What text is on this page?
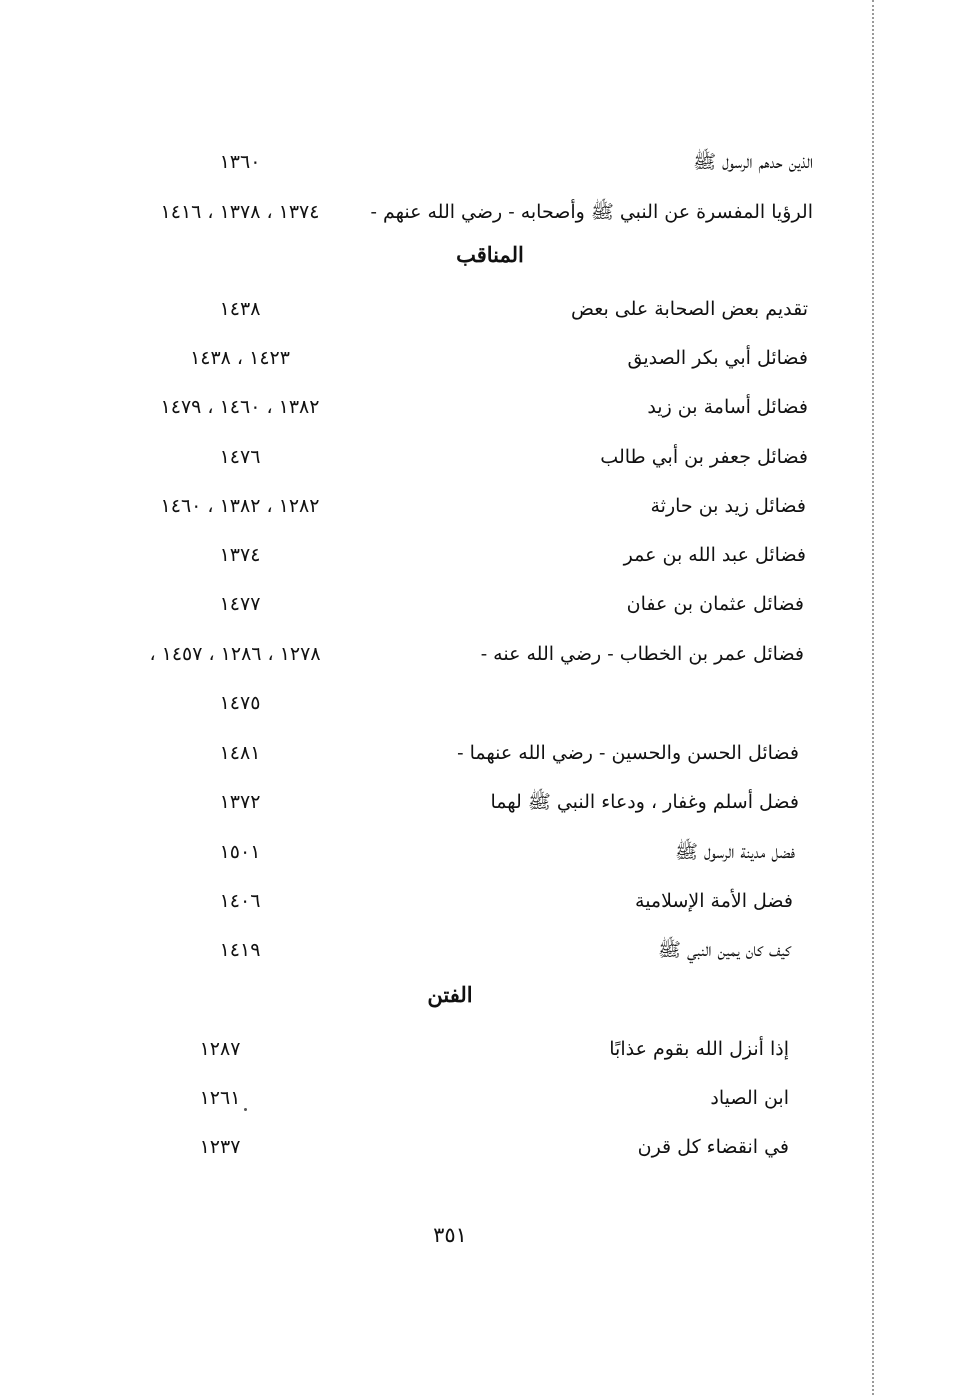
الذين حدهم الرسول ﷺ
١٣٦٠
الرؤيا المفسرة عن النبي ﷺ وأصحابه - رضي الله عنهم -
١٣٧٤ ، ١٣٧٨ ، ١٤١٦
المناقب
تقديم بعض الصحابة على بعض
١٤٣٨
فضائل أبي بكر الصديق
١٤٢٣ ، ١٤٣٨
فضائل أسامة بن زيد
١٣٨٢ ، ١٤٦٠ ، ١٤٧٩
فضائل جعفر بن أبي طالب
١٤٧٦
فضائل زيد بن حارثة
١٢٨٢ ، ١٣٨٢ ، ١٤٦٠
فضائل عبد الله بن عمر
١٣٧٤
فضائل عثمان بن عفان
١٤٧٧
فضائل عمر بن الخطاب - رضي الله عنه -
١٢٧٨ ، ١٢٨٦ ، ١٤٥٧ ،
١٤٧٥
فضائل الحسن والحسين - رضي الله عنهما -
١٤٨١
فضل أسلم وغفار ، ودعاء النبي ﷺ لهما
١٣٧٢
فضل مدينة الرسول ﷺ
١٥٠١
فضل الأمة الإسلامية
١٤٠٦
كيف كان يمين النبي ﷺ
١٤١٩
الفتن
إذا أنزل الله بقوم عذابًا
١٢٨٧
ابن الصياد
١٢٦١
في انقضاء كل قرن
١٢٣٧
٣٥١
